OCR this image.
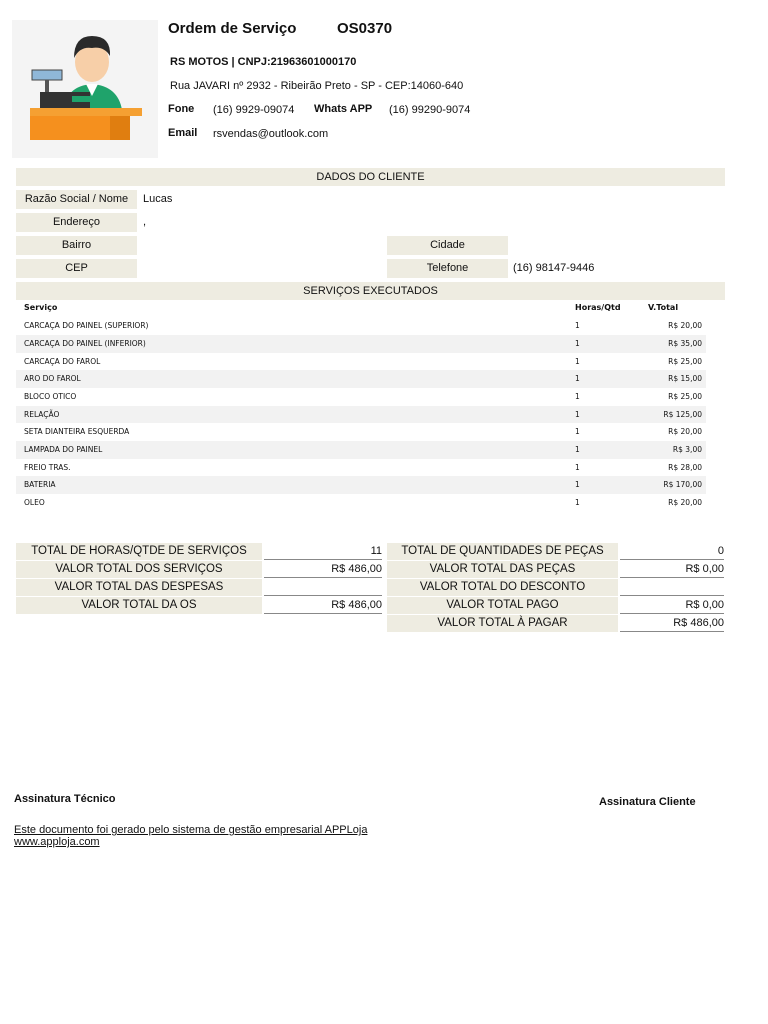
Ordem de Serviço	OS0370
RS MOTOS | CNPJ:21963601000170
Rua JAVARI nº 2932 - Ribeirão Preto - SP - CEP:14060-640
Fone (16) 9929-09074 Whats APP (16) 99290-9074
Email rsvendas@outlook.com
DADOS DO CLIENTE
Razão Social / Nome	Lucas
Endereço	,
Bairro	Cidade
CEP	Telefone	(16) 98147-9446
SERVIÇOS EXECUTADOS
Serviço	Horas/Qtd	V.Total
CARCAÇA DO PAINEL (SUPERIOR)	1	R$ 20,00
CARCAÇA DO PAINEL (INFERIOR)	1	R$ 35,00
CARCAÇA DO FAROL	1	R$ 25,00
ARO DO FAROL	1	R$ 15,00
BLOCO OTICO	1	R$ 25,00
RELAÇÃO	1	R$ 125,00
SETA DIANTEIRA ESQUERDA	1	R$ 20,00
LAMPADA DO PAINEL	1	R$ 3,00
FREIO TRAS.	1	R$ 28,00
BATERIA	1	R$ 170,00
OLEO	1	R$ 20,00
TOTAL DE HORAS/QTDE DE SERVIÇOS	11
VALOR TOTAL DOS SERVIÇOS	R$ 486,00
VALOR TOTAL DAS DESPESAS
VALOR TOTAL DA OS	R$ 486,00
TOTAL DE QUANTIDADES DE PEÇAS	0
VALOR TOTAL DAS PEÇAS	R$ 0,00
VALOR TOTAL DO DESCONTO
VALOR TOTAL PAGO	R$ 0,00
VALOR TOTAL À PAGAR	R$ 486,00
Assinatura Técnico	Assinatura Cliente
Este documento foi gerado pelo sistema de gestão empresarial APPLoja
www.apploja.com
